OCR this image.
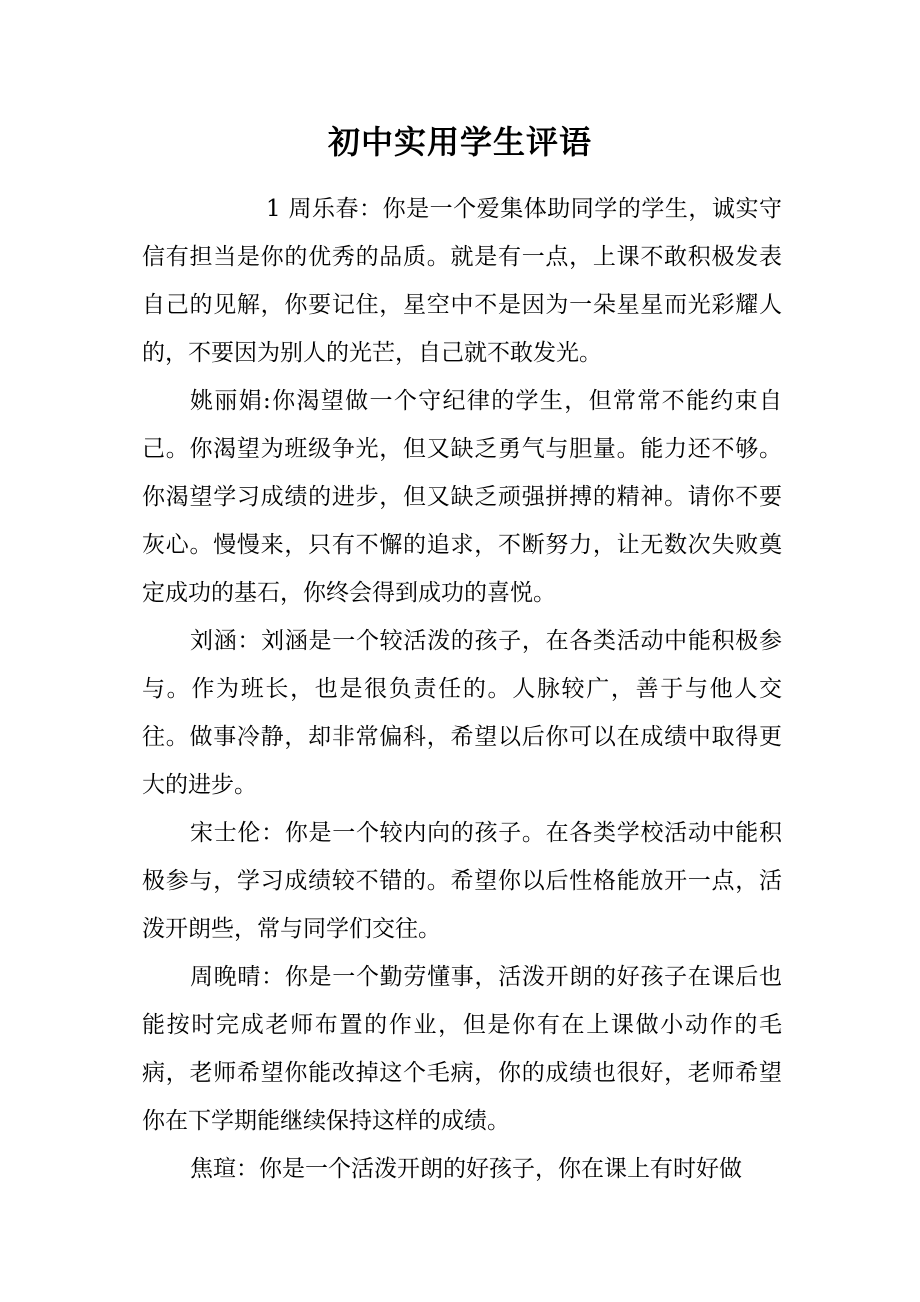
初中实用学生评语

1 周乐春：你是一个爱集体助同学的学生，诚实守信有担当是你的优秀的品质。就是有一点，上课不敢积极发表自己的见解，你要记住，星空中不是因为一朵星星而光彩耀人的，不要因为别人的光芒，自己就不敢发光。

姚丽娟:你渴望做一个守纪律的学生，但常常不能约束自己。你渴望为班级争光，但又缺乏勇气与胆量。能力还不够。你渴望学习成绩的进步，但又缺乏顽强拼搏的精神。请你不要灰心。慢慢来，只有不懈的追求，不断努力，让无数次失败奠定成功的基石，你终会得到成功的喜悦。

刘涵：刘涵是一个较活泼的孩子，在各类活动中能积极参与。作为班长，也是很负责任的。人脉较广，善于与他人交往。做事冷静，却非常偏科，希望以后你可以在成绩中取得更大的进步。

宋士伦：你是一个较内向的孩子。在各类学校活动中能积极参与，学习成绩较不错的。希望你以后性格能放开一点，活泼开朗些，常与同学们交往。

周晚晴：你是一个勤劳懂事，活泼开朗的好孩子在课后也能按时完成老师布置的作业，但是你有在上课做小动作的毛病，老师希望你能改掉这个毛病，你的成绩也很好，老师希望你在下学期能继续保持这样的成绩。

焦瑄：你是一个活泼开朗的好孩子，你在课上有时好做
